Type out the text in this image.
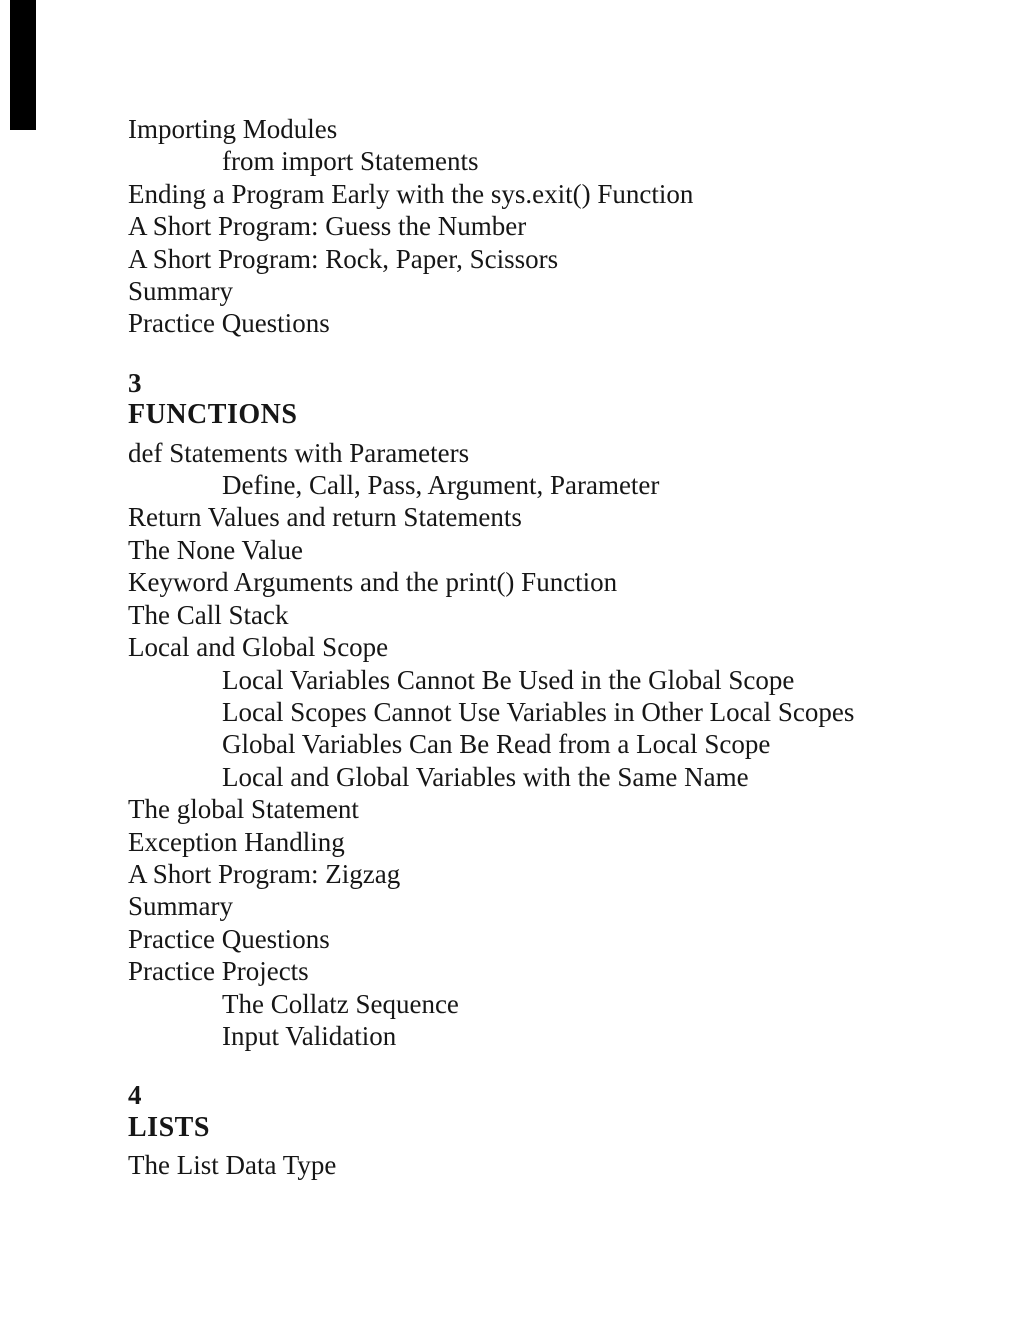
Importing Modules
from import Statements
Ending a Program Early with the sys.exit() Function
A Short Program: Guess the Number
A Short Program: Rock, Paper, Scissors
Summary
Practice Questions
3
FUNCTIONS
def Statements with Parameters
Define, Call, Pass, Argument, Parameter
Return Values and return Statements
The None Value
Keyword Arguments and the print() Function
The Call Stack
Local and Global Scope
Local Variables Cannot Be Used in the Global Scope
Local Scopes Cannot Use Variables in Other Local Scopes
Global Variables Can Be Read from a Local Scope
Local and Global Variables with the Same Name
The global Statement
Exception Handling
A Short Program: Zigzag
Summary
Practice Questions
Practice Projects
The Collatz Sequence
Input Validation
4
LISTS
The List Data Type
